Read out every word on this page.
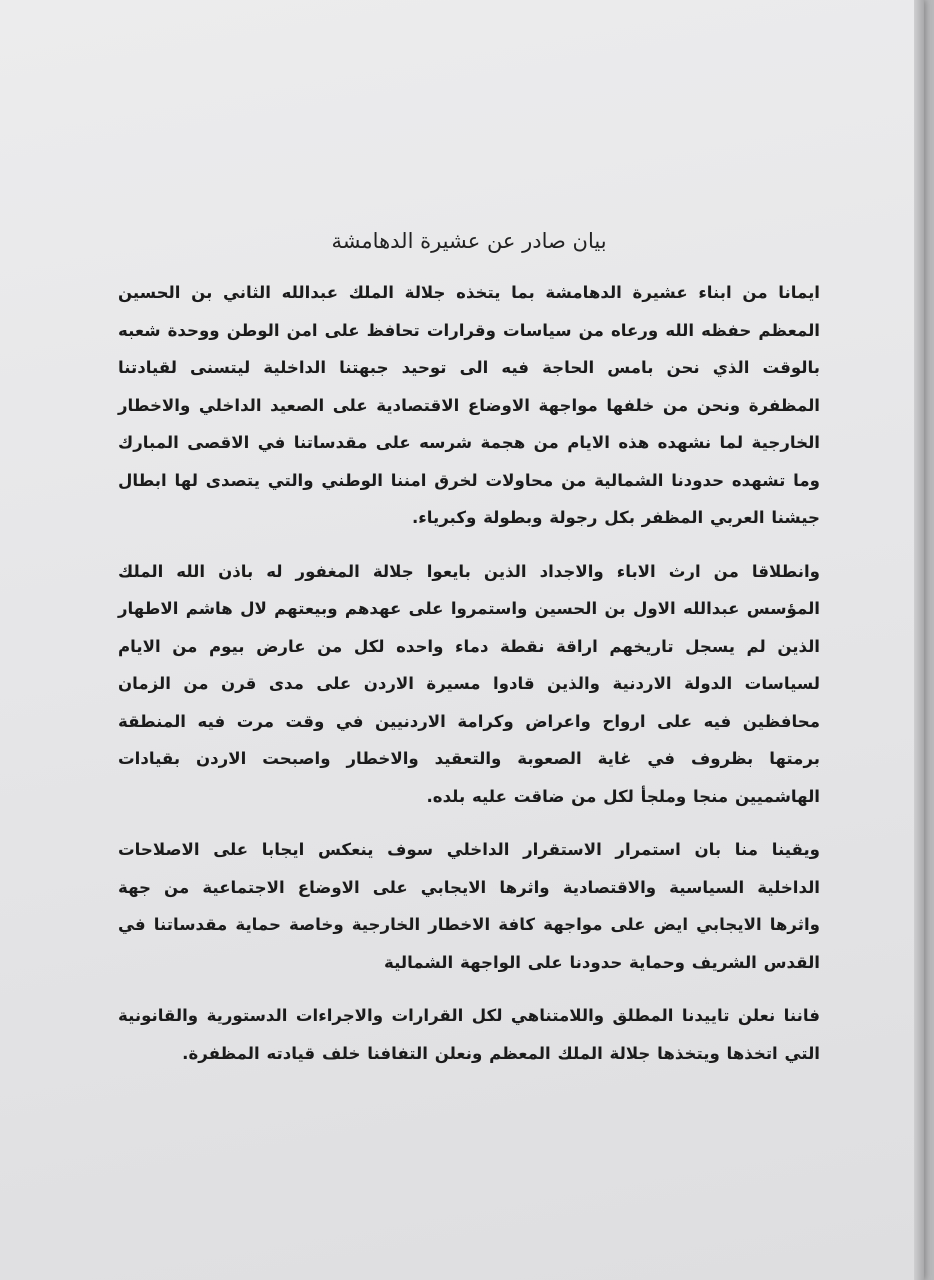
بيان صادر عن عشيرة الدهامشة

ايمانا من ابناء عشيرة الدهامشة بما يتخذه جلالة الملك عبدالله الثاني بن الحسين المعظم حفظه الله ورعاه من سياسات وقرارات تحافظ على امن الوطن ووحدة شعبه بالوقت الذي نحن بامس الحاجة فيه الى توحيد جبهتنا الداخلية ليتسنى لقيادتنا المظفرة ونحن من خلفها مواجهة الاوضاع الاقتصادية على الصعيد الداخلي والاخطار الخارجية لما نشهده هذه الايام من هجمة شرسه على مقدساتنا في الاقصى المبارك وما تشهده حدودنا الشمالية من محاولات لخرق امننا الوطني والتي يتصدى لها ابطال جيشنا العربي المظفر بكل رجولة وبطولة وكبرياء.

وانطلاقا من ارث الاباء والاجداد الذين بايعوا جلالة المغفور له باذن الله الملك المؤسس عبدالله الاول بن الحسين واستمروا على عهدهم وبيعتهم لال هاشم الاطهار الذين لم يسجل تاريخهم اراقة نقطة دماء واحده لكل من عارض بيوم من الايام لسياسات الدولة الاردنية والذين قادوا مسيرة الاردن على مدى قرن من الزمان محافظين فيه على ارواح واعراض وكرامة الاردنيين في وقت مرت فيه المنطقة برمتها بظروف في غاية الصعوبة والتعقيد والاخطار واصبحت الاردن بقيادات الهاشميين منجا وملجأ لكل من ضاقت عليه بلده.

ويقينا منا بان استمرار الاستقرار الداخلي سوف ينعكس ايجابا على الاصلاحات الداخلية السياسية والاقتصادية واثرها الايجابي على الاوضاع الاجتماعية من جهة واثرها الايجابي ايض على مواجهة كافة الاخطار الخارجية وخاصة حماية مقدساتنا في القدس الشريف وحماية حدودنا على الواجهة الشمالية

فاننا نعلن تاييدنا المطلق واللامتناهي لكل القرارات والاجراءات الدستورية والقانونية التي اتخذها ويتخذها جلالة الملك المعظم ونعلن التفافنا خلف قيادته المظفرة.
